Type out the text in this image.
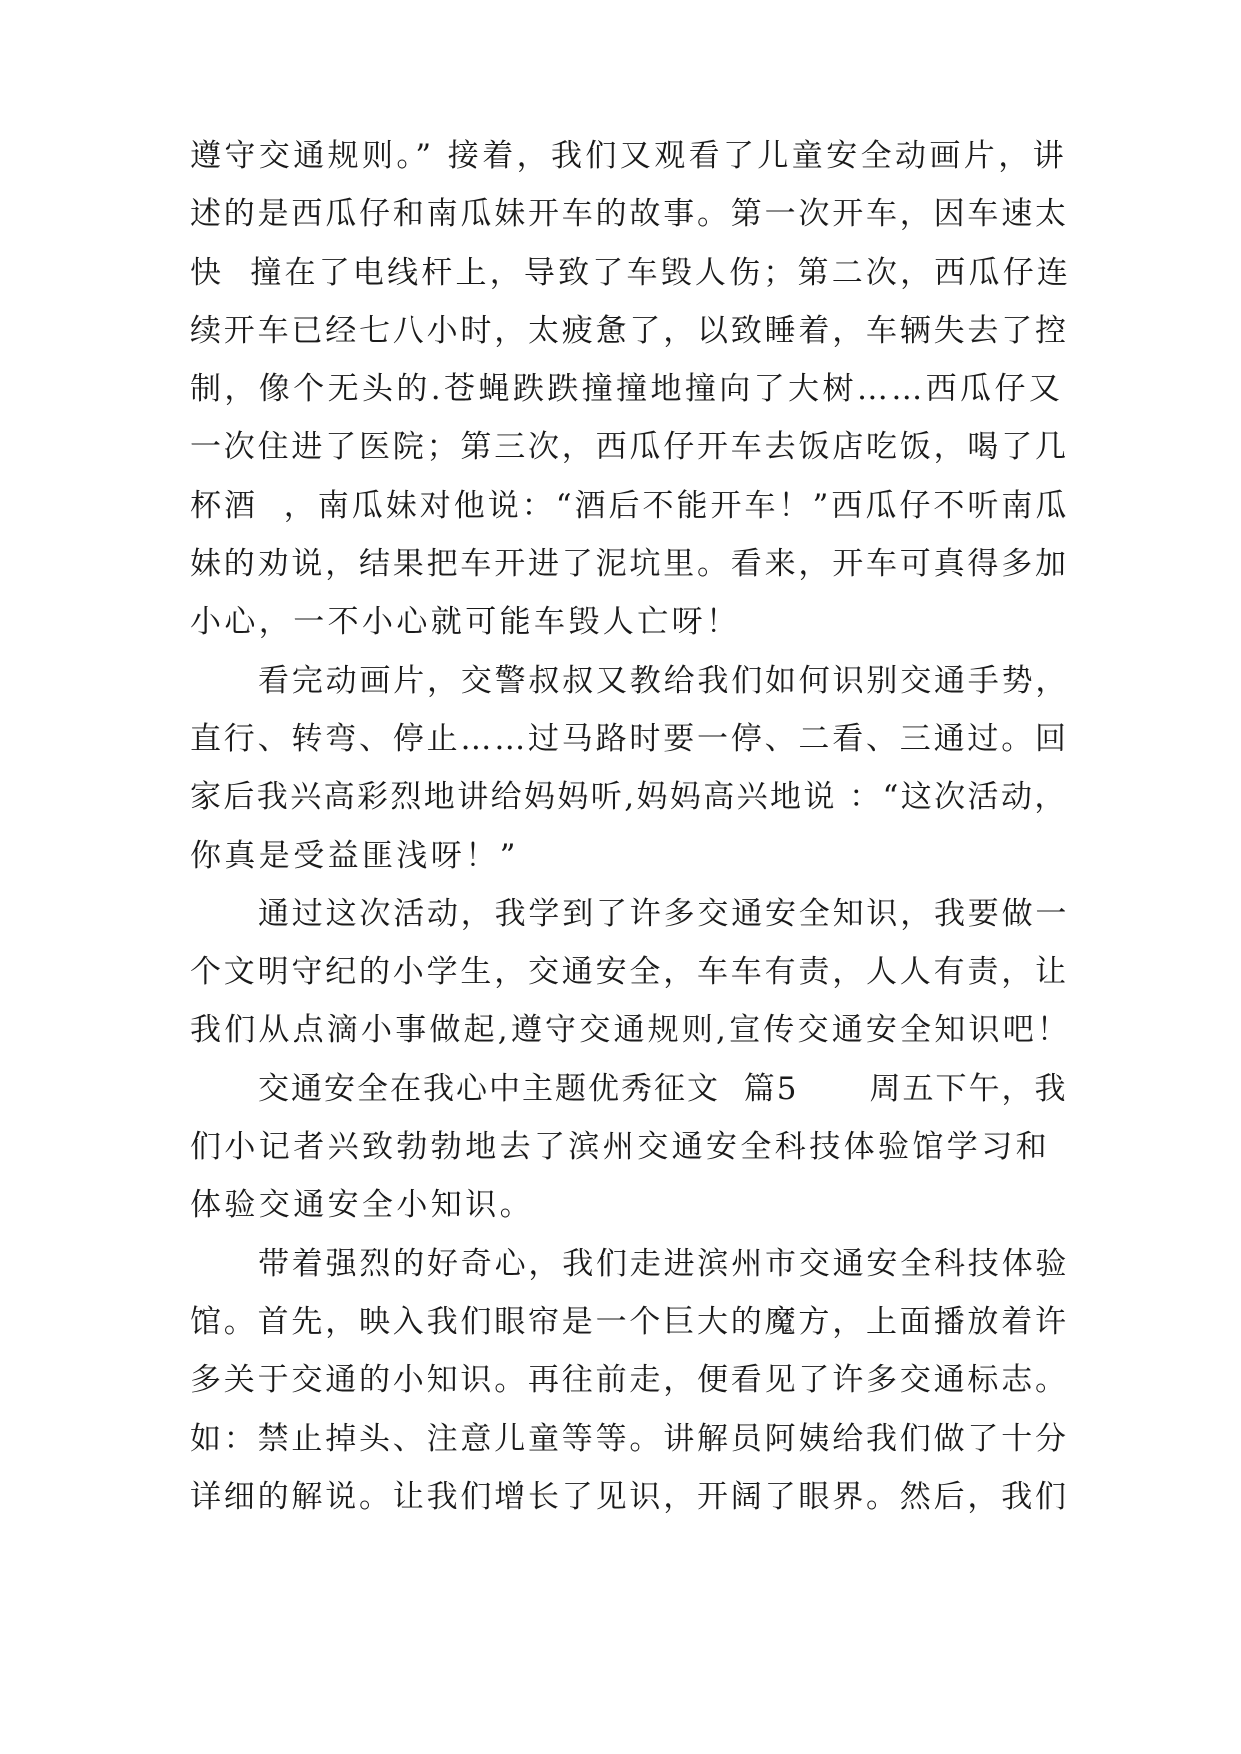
遵守交通规则。” 接着，我们又观看了儿童安全动画片，讲
述的是西瓜仔和南瓜妹开车的故事。第一次开车，因车速太
快  撞在了电线杆上，导致了车毁人伤；第二次，西瓜仔连
续开车已经七八小时，太疲惫了，以致睡着，车辆失去了控
制，像个无头的.苍蝇跌跌撞撞地撞向了大树……西瓜仔又
一次住进了医院；第三次，西瓜仔开车去饭店吃饭，喝了几
杯酒  ，南瓜妹对他说：“酒后不能开车！”西瓜仔不听南瓜
妹的劝说，结果把车开进了泥坑里。看来，开车可真得多加
小心，一不小心就可能车毁人亡呀！
看完动画片，交警叔叔又教给我们如何识别交通手势，
直行、转弯、停止……过马路时要一停、二看、三通过。回
家后我兴高彩烈地讲给妈妈听,妈妈高兴地说 ：“这次活动，
你真是受益匪浅呀！”
通过这次活动，我学到了许多交通安全知识，我要做一
个文明守纪的小学生，交通安全，车车有责，人人有责，让
我们从点滴小事做起,遵守交通规则,宣传交通安全知识吧！
交通安全在我心中主题优秀征文  篇5      周五下午，我
们小记者兴致勃勃地去了滨州交通安全科技体验馆学习和
体验交通安全小知识。
带着强烈的好奇心，我们走进滨州市交通安全科技体验
馆。首先，映入我们眼帘是一个巨大的魔方，上面播放着许
多关于交通的小知识。再往前走，便看见了许多交通标志。
如：禁止掉头、注意儿童等等。讲解员阿姨给我们做了十分
详细的解说。让我们增长了见识，开阔了眼界。然后，我们
